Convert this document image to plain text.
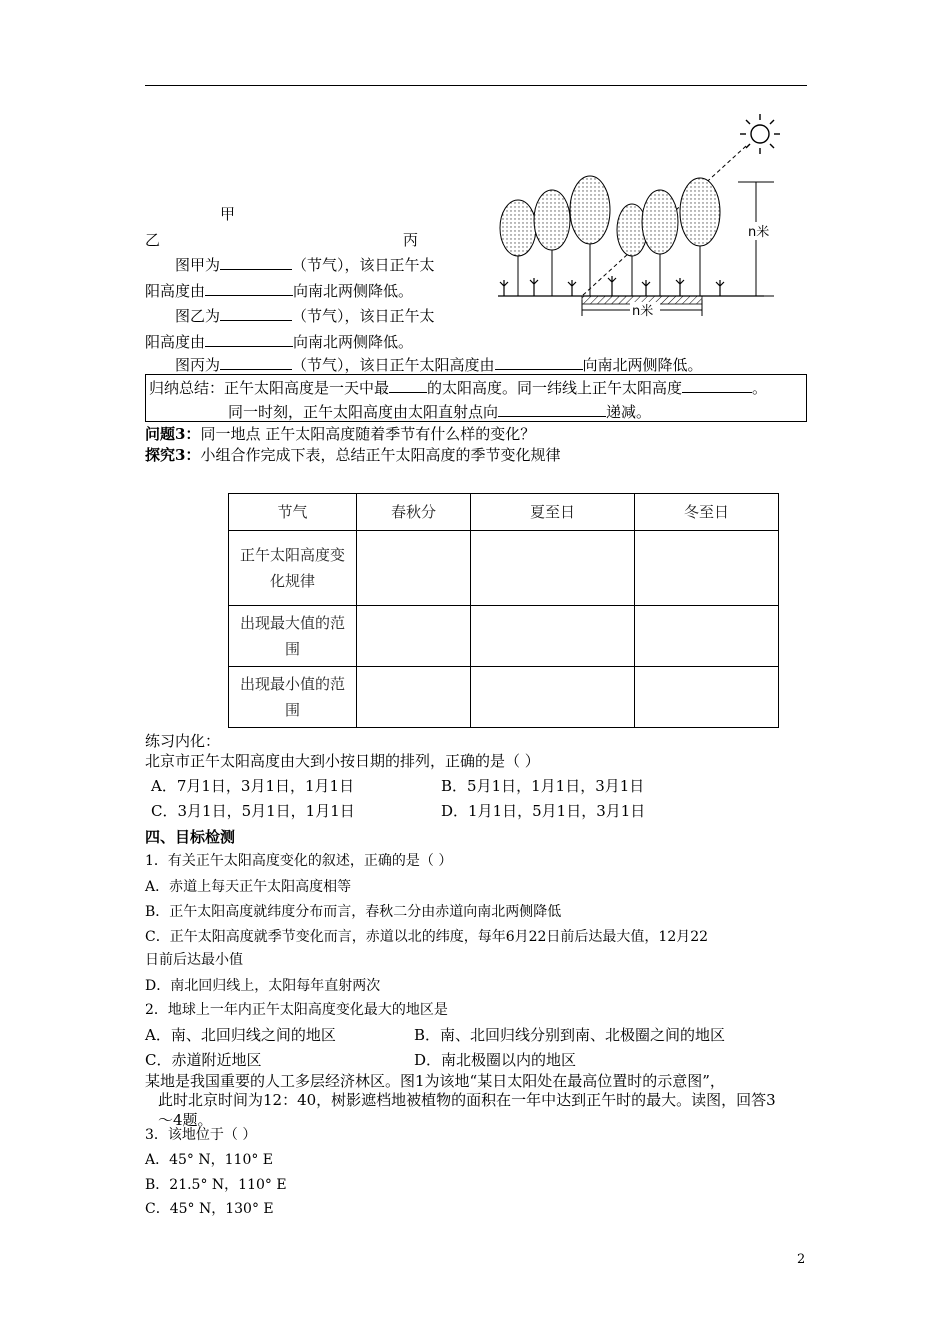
甲
乙	丙
图甲为	（节气），该日正午太
阳高度由	向南北两侧降低。
图乙为	（节气），该日正午太
阳高度由	向南北两侧降低。
图丙为	（节气），该日正午太阳高度由	向南北两侧降低。
n米
n米
归纳总结：正午太阳高度是一天中最	的太阳高度。同一纬线上正午太阳高度	。
同一时刻，正午太阳高度由太阳直射点向	递减。
问题3：同一地点 正午太阳高度随着季节有什么样的变化？
探究3：小组合作完成下表，总结正午太阳高度的季节变化规律
节气	春秋分	夏至日	冬至日
正午太阳高度变
化规律			
出现最大值的范
围			
出现最小值的范
围			
练习内化：
北京市正午太阳高度由大到小按日期的排列，正确的是（ ）
A．7月1日，3月1日，1月1日	B．5月1日，1月1日，3月1日
C．3月1日，5月1日，1月1日	D．1月1日，5月1日，3月1日
四、目标检测
1．有关正午太阳高度变化的叙述，正确的是（ ）
A．赤道上每天正午太阳高度相等
B．正午太阳高度就纬度分布而言，春秋二分由赤道向南北两侧降低
C．正午太阳高度就季节变化而言，赤道以北的纬度，每年6月22日前后达最大值，12月22
日前后达最小值
D．南北回归线上，太阳每年直射两次
2．地球上一年内正午太阳高度变化最大的地区是
A．南、北回归线之间的地区	B．南、北回归线分别到南、北极圈之间的地区
C．赤道附近地区	D．南北极圈以内的地区
某地是我国重要的人工多层经济林区。图1为该地“某日太阳处在最高位置时的示意图”，
此时北京时间为12：40，树影遮档地被植物的面积在一年中达到正午时的最大。读图，回答3
～4题。
3．该地位于（ ）
A．45° N，110° E
B．21.5° N，110° E
C．45° N，130° E
2
